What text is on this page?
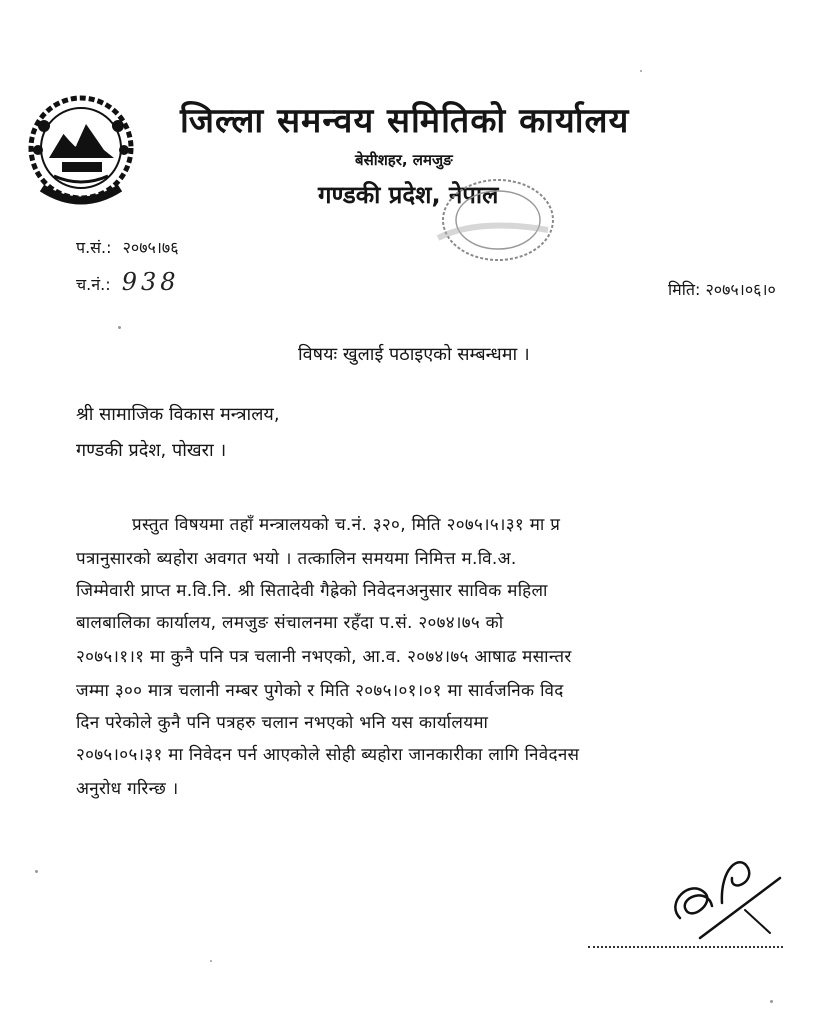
जिल्ला समन्वय समितिको कार्यालय
बेसीशहर, लमजुङ
गण्डकी प्रदेश, नेपाल
प.सं.: २०७५।७६
च.नं.: 938	मिति: २०७५।०६।०
विषयः खुलाई पठाइएको सम्बन्धमा ।
श्री सामाजिक विकास मन्त्रालय,
गण्डकी प्रदेश, पोखरा ।
प्रस्तुत विषयमा तहाँ मन्त्रालयको च.नं. ३२०, मिति २०७५।५।३१ मा प्र
पत्रानुसारको ब्यहोरा अवगत भयो । तत्कालिन समयमा निमित्त म.वि.अ.
जिम्मेवारी प्राप्त म.वि.नि. श्री सितादेवी गैह्रेको निवेदनअनुसार साविक महिला
बालबालिका कार्यालय, लमजुङ संचालनमा रहँदा प.सं. २०७४।७५ को
२०७५।१।१ मा कुनै पनि पत्र चलानी नभएको, आ.व. २०७४।७५ आषाढ मसान्तर
जम्मा ३०० मात्र चलानी नम्बर पुगेको र मिति २०७५।०१।०१ मा सार्वजनिक विद
दिन परेकोले कुनै पनि पत्रहरु चलान नभएको भनि यस कार्यालयमा
२०७५।०५।३१ मा निवेदन पर्न आएकोले सोही ब्यहोरा जानकारीका लागि निवेदनस
अनुरोध गरिन्छ ।
